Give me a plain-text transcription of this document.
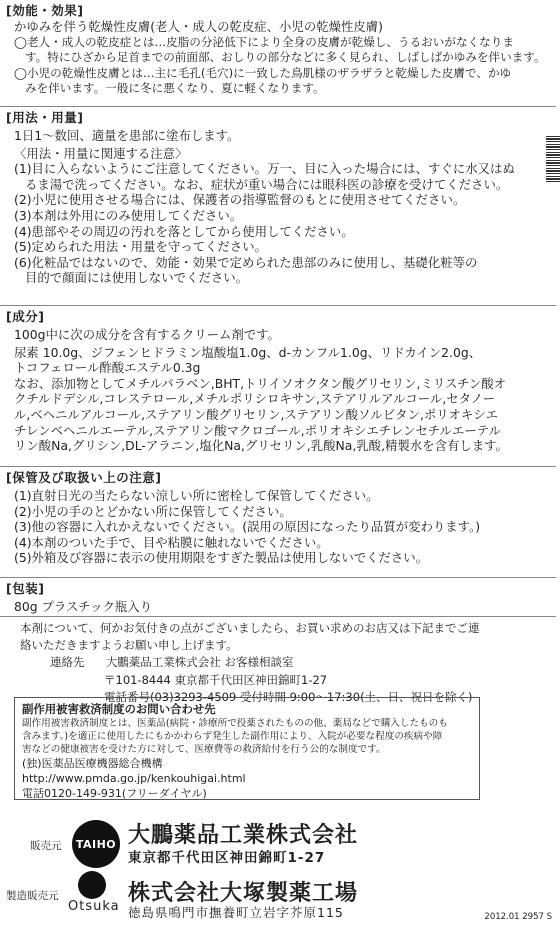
[効能・効果]
かゆみを伴う乾燥性皮膚(老人・成人の乾皮症、小児の乾燥性皮膚)
◯老人・成人の乾皮症とは…皮脂の分泌低下により全身の皮膚が乾燥し、うるおいがなくなりま
す。特にひざから足首までの前面部、おしりの部分などに多く見られ、しばしばかゆみを伴います。
◯小児の乾燥性皮膚とは…主に毛孔(毛穴)に一致した鳥肌様のザラザラと乾燥した皮膚で、かゆ
みを伴います。一般に冬に悪くなり、夏に軽くなります。
[用法・用量]
1日1〜数回、適量を患部に塗布します。
〈用法・用量に関連する注意〉
(1)目に入らないようにご注意してください。万一、目に入った場合には、すぐに水又はぬ
るま湯で洗ってください。なお、症状が重い場合には眼科医の診療を受けてください。
(2)小児に使用させる場合には、保護者の指導監督のもとに使用させてください。
(3)本剤は外用にのみ使用してください。
(4)患部やその周辺の汚れを落としてから使用してください。
(5)定められた用法・用量を守ってください。
(6)化粧品ではないので、効能・効果で定められた患部のみに使用し、基礎化粧等の
目的で顔面には使用しないでください。
[成分]
100g中に次の成分を含有するクリーム剤です。
尿素 10.0g、ジフェンヒドラミン塩酸塩1.0g、d-カンフル1.0g、リドカイン2.0g、
トコフェロール酢酸エステル0.3g
なお、添加物としてメチルパラベン,BHT,トリイソオクタン酸グリセリン,ミリスチン酸オ
クチルドデシル,コレステロール,メチルポリシロキサン,ステアリルアルコール,セタノー
ル,ベヘニルアルコール,ステアリン酸グリセリン,ステアリン酸ソルビタン,ポリオキシエ
チレンベヘニルエーテル,ステアリン酸マクロゴール,ポリオキシエチレンセチルエーテル
リン酸Na,グリシン,DL-アラニン,塩化Na,グリセリン,乳酸Na,乳酸,精製水を含有します。
[保管及び取扱い上の注意]
(1)直射日光の当たらない涼しい所に密栓して保管してください。
(2)小児の手のとどかない所に保管してください。
(3)他の容器に入れかえないでください。(誤用の原因になったり品質が変わります。)
(4)本剤のついた手で、目や粘膜に触れないでください。
(5)外箱及び容器に表示の使用期限をすぎた製品は使用しないでください。
[包装]
80g プラスチック瓶入り
本剤について、何かお気付きの点がございましたら、お買い求めのお店又は下記までご連
絡いただきますようお願い申し上げます。
連絡先 大鵬薬品工業株式会社 お客様相談室
〒101-8444 東京都千代田区神田錦町1-27
電話番号(03)3293-4509 受付時間 9:00〜17:30(土、日、祝日を除く)
副作用被害救済制度のお問い合わせ先
副作用被害救済制度とは、医薬品(病院・診療所で投薬されたものの他、薬局などで購入したものも
含みます。)を適正に使用したにもかかわらず発生した副作用により、入院が必要な程度の疾病や障
害などの健康被害を受けた方に対して、医療費等の救済給付を行う公的な制度です。
(独)医薬品医療機器総合機構
http://www.pmda.go.jp/kenkouhigai.html
電話0120-149-931(フリーダイヤル)
販売元 TAIHO 大鵬薬品工業株式会社
東京都千代田区神田錦町1-27
製造販売元
Otsuka
株式会社大塚製薬工場
徳島県鳴門市撫養町立岩字芥原115	2012.01 2957 S
